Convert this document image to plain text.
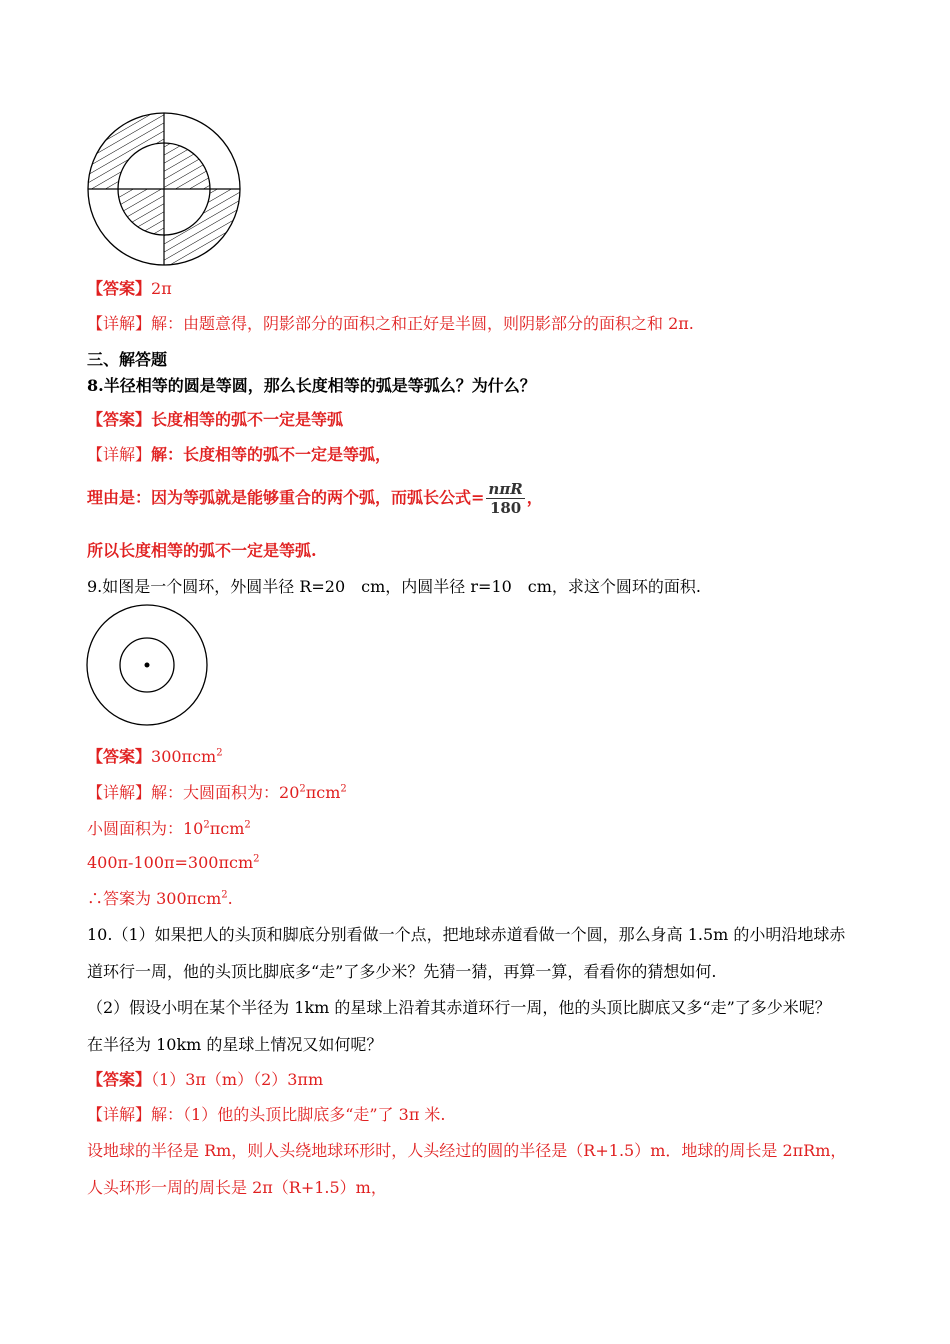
【答案】2π
【详解】解：由题意得，阴影部分的面积之和正好是半圆，则阴影部分的面积之和 2π.
三、解答题
8.半径相等的圆是等圆，那么长度相等的弧是等弧么？为什么？
【答案】长度相等的弧不一定是等弧
【详解】解：长度相等的弧不一定是等弧，
理由是：因为等弧就是能够重合的两个弧，而弧长公式= $\frac{\text{nπR}}{180}$ ，
所以长度相等的弧不一定是等弧.
9.如图是一个圆环，外圆半径 R=20　cm，内圆半径 r=10　cm，求这个圆环的面积.
【答案】300πcm$^2$
【详解】解：大圆面积为：$20^2\pi cm^2$
小圆面积为：$10^2\pi cm^2$
400π-100π=300πcm$^2$
∴答案为 300πcm$^2$.
10.（1）如果把人的头顶和脚底分别看做一个点，把地球赤道看做一个圆，那么身高 1.5m 的小明沿地球赤
道环行一周，他的头顶比脚底多“走”了多少米？先猜一猜，再算一算，看看你的猜想如何.
（2）假设小明在某个半径为 1km 的星球上沿着其赤道环行一周，他的头顶比脚底又多“走”了多少米呢？
在半径为 10km 的星球上情况又如何呢？
【答案】（1）3π（m）（2）3πm
【详解】解：（1）他的头顶比脚底多“走”了 3π 米.
设地球的半径是 Rm，则人头绕地球环形时，人头经过的圆的半径是（R+1.5）m．地球的周长是 2πRm，
人头环形一周的周长是 2π（R+1.5）m，
